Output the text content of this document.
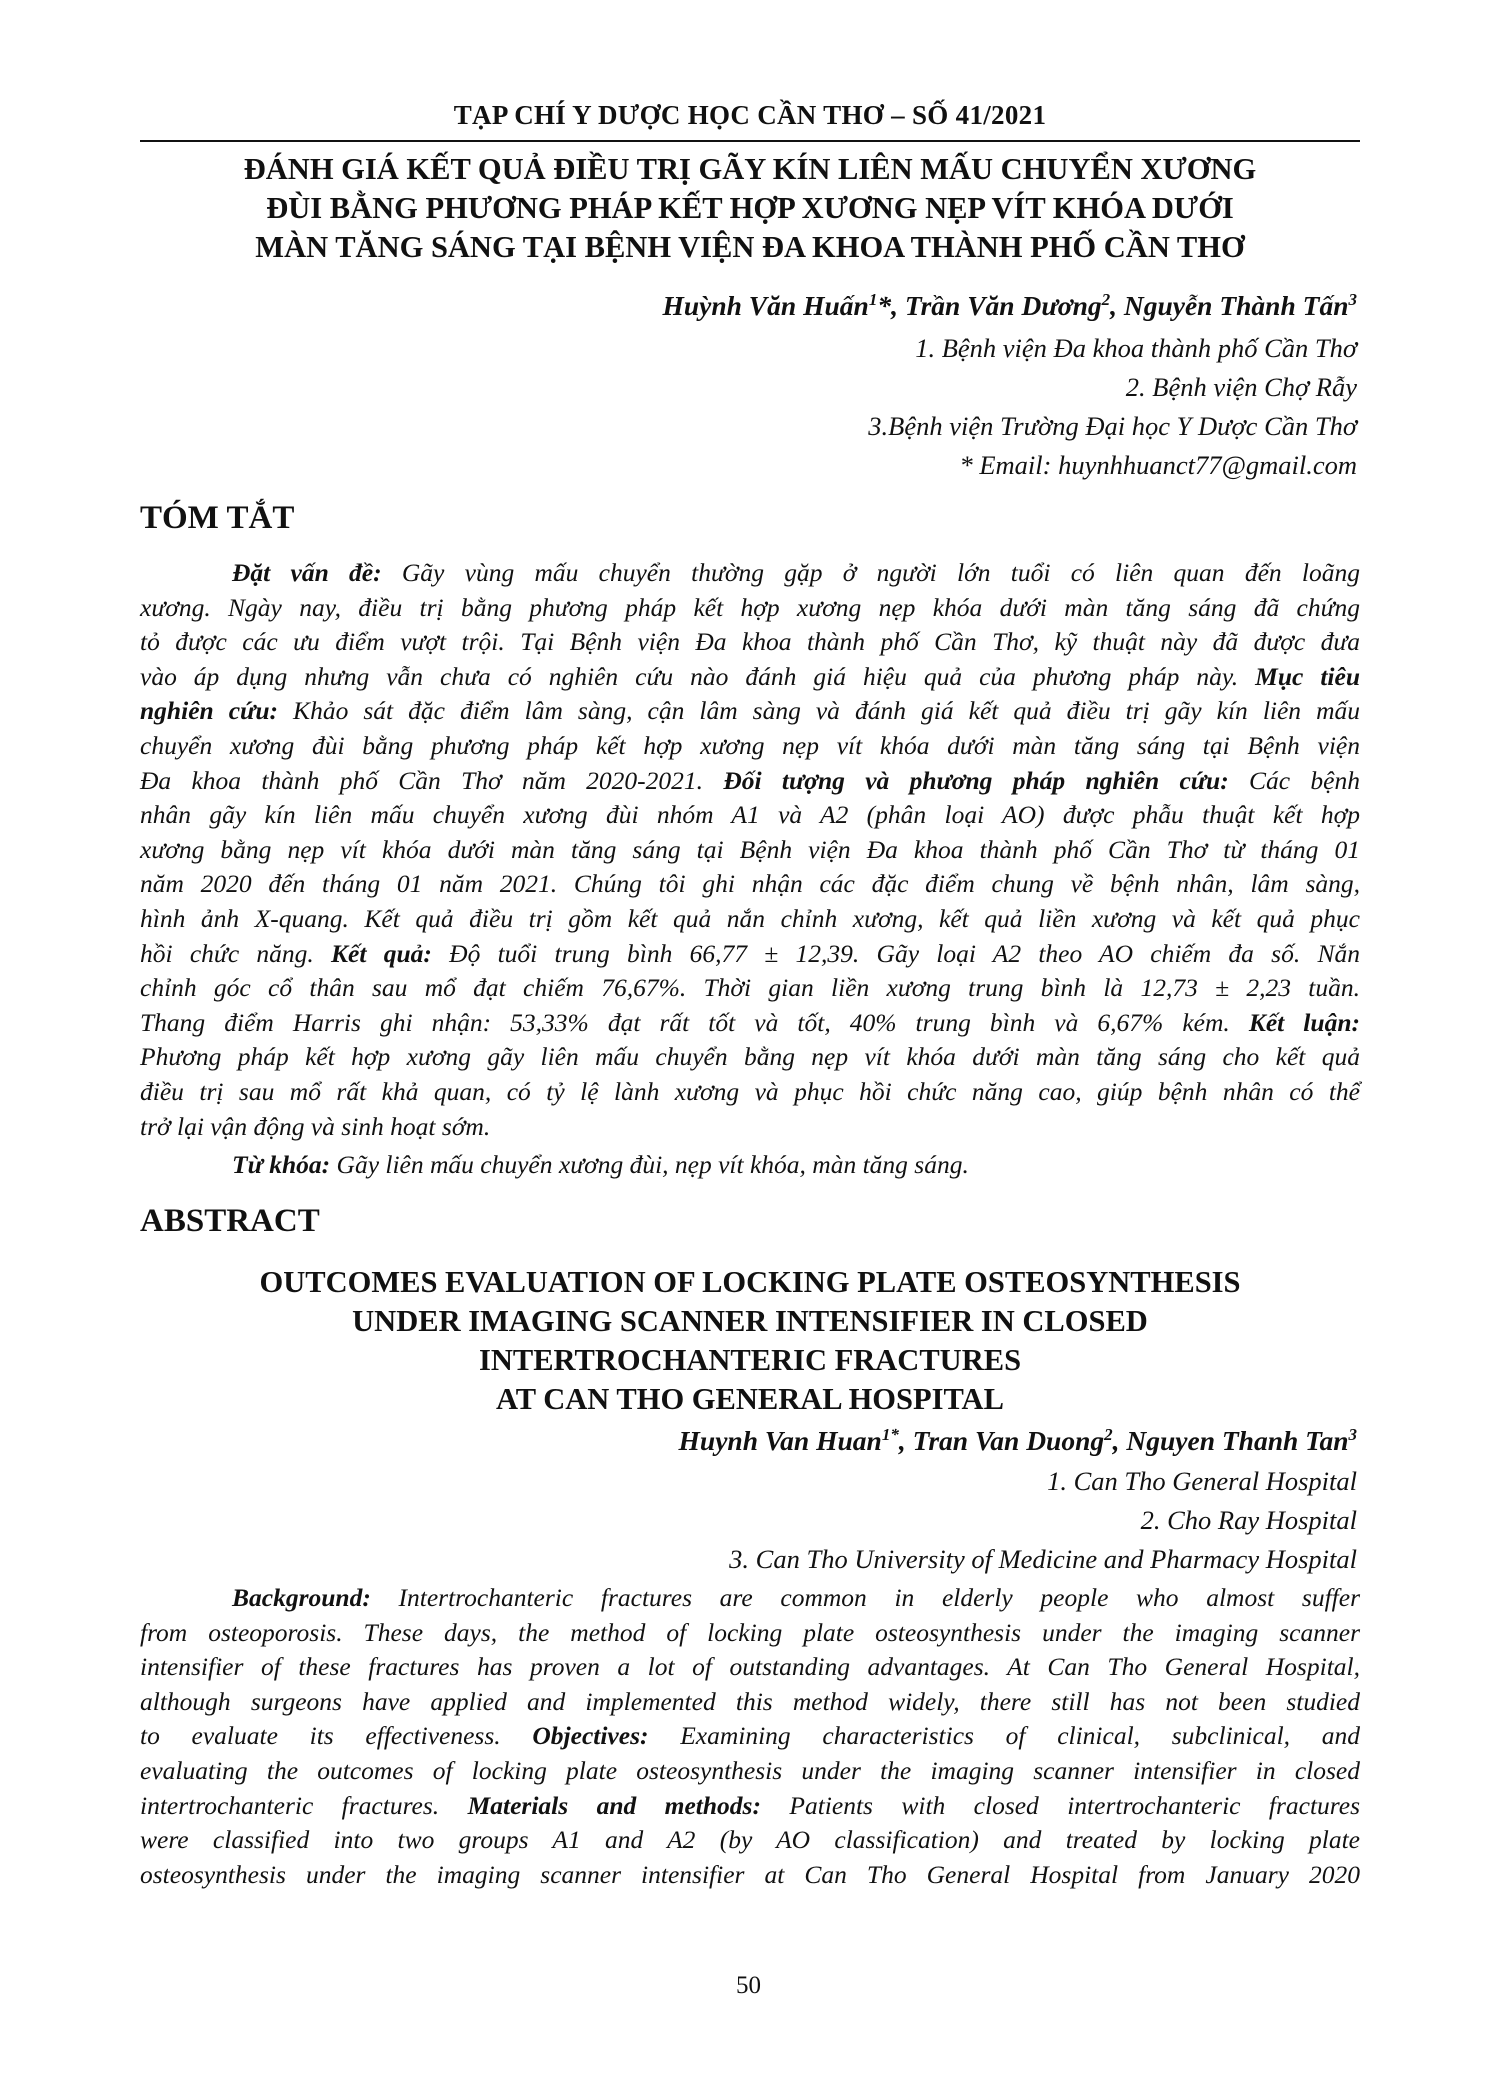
TẠP CHÍ Y DƯỢC HỌC CẦN THƠ – SỐ 41/2021
ĐÁNH GIÁ KẾT QUẢ ĐIỀU TRỊ GÃY KÍN LIÊN MẤU CHUYỂN XƯƠNG
ĐÙI BẰNG PHƯƠNG PHÁP KẾT HỢP XƯƠNG NẸP VÍT KHÓA DƯỚI
MÀN TĂNG SÁNG TẠI BỆNH VIỆN ĐA KHOA THÀNH PHỐ CẦN THƠ
Huỳnh Văn Huấn$^1$*, Trần Văn Dương$^2$, Nguyễn Thành Tấn$^3$
1. Bệnh viện Đa khoa thành phố Cần Thơ
2. Bệnh viện Chợ Rẫy
3.Bệnh viện Trường Đại học Y Dược Cần Thơ
* Email: huynhhuanct77@gmail.com
TÓM TẮT
Đặt vấn đề: Gãy vùng mấu chuyển thường gặp ở người lớn tuổi có liên quan đến loãng
xương. Ngày nay, điều trị bằng phương pháp kết hợp xương nẹp khóa dưới màn tăng sáng đã chứng
tỏ được các ưu điểm vượt trội. Tại Bệnh viện Đa khoa thành phố Cần Thơ, kỹ thuật này đã được đưa
vào áp dụng nhưng vẫn chưa có nghiên cứu nào đánh giá hiệu quả của phương pháp này. Mục tiêu
nghiên cứu: Khảo sát đặc điểm lâm sàng, cận lâm sàng và đánh giá kết quả điều trị gãy kín liên mấu
chuyển xương đùi bằng phương pháp kết hợp xương nẹp vít khóa dưới màn tăng sáng tại Bệnh viện
Đa khoa thành phố Cần Thơ năm 2020-2021. Đối tượng và phương pháp nghiên cứu: Các bệnh
nhân gãy kín liên mấu chuyển xương đùi nhóm A1 và A2 (phân loại AO) được phẫu thuật kết hợp
xương bằng nẹp vít khóa dưới màn tăng sáng tại Bệnh viện Đa khoa thành phố Cần Thơ từ tháng 01
năm 2020 đến tháng 01 năm 2021. Chúng tôi ghi nhận các đặc điểm chung về bệnh nhân, lâm sàng,
hình ảnh X-quang. Kết quả điều trị gồm kết quả nắn chỉnh xương, kết quả liền xương và kết quả phục
hồi chức năng. Kết quả: Độ tuổi trung bình 66,77 ± 12,39. Gãy loại A2 theo AO chiếm đa số. Nắn
chỉnh góc cổ thân sau mổ đạt chiếm 76,67%. Thời gian liền xương trung bình là 12,73 ± 2,23 tuần.
Thang điểm Harris ghi nhận: 53,33% đạt rất tốt và tốt, 40% trung bình và 6,67% kém. Kết luận:
Phương pháp kết hợp xương gãy liên mấu chuyển bằng nẹp vít khóa dưới màn tăng sáng cho kết quả
điều trị sau mổ rất khả quan, có tỷ lệ lành xương và phục hồi chức năng cao, giúp bệnh nhân có thể
trở lại vận động và sinh hoạt sớm.
Từ khóa: Gãy liên mấu chuyển xương đùi, nẹp vít khóa, màn tăng sáng.
ABSTRACT
OUTCOMES EVALUATION OF LOCKING PLATE OSTEOSYNTHESIS
UNDER IMAGING SCANNER INTENSIFIER IN CLOSED
INTERTROCHANTERIC FRACTURES
AT CAN THO GENERAL HOSPITAL
Huynh Van Huan$^{1*}$, Tran Van Duong$^2$, Nguyen Thanh Tan$^3$
1. Can Tho General Hospital
2. Cho Ray Hospital
3. Can Tho University of Medicine and Pharmacy Hospital
Background: Intertrochanteric fractures are common in elderly people who almost suffer
from osteoporosis. These days, the method of locking plate osteosynthesis under the imaging scanner
intensifier of these fractures has proven a lot of outstanding advantages. At Can Tho General Hospital,
although surgeons have applied and implemented this method widely, there still has not been studied
to evaluate its effectiveness. Objectives: Examining characteristics of clinical, subclinical, and
evaluating the outcomes of locking plate osteosynthesis under the imaging scanner intensifier in closed
intertrochanteric fractures. Materials and methods: Patients with closed intertrochanteric fractures
were classified into two groups A1 and A2 (by AO classification) and treated by locking plate
osteosynthesis under the imaging scanner intensifier at Can Tho General Hospital from January 2020
50
